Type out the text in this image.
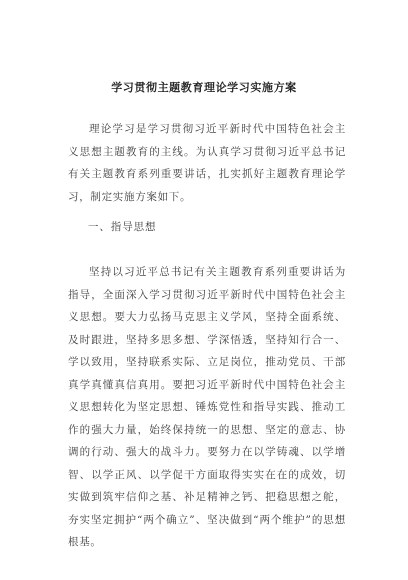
学习贯彻主题教育理论学习实施方案

理论学习是学习贯彻习近平新时代中国特色社会主义思想主题教育的主线。为认真学习贯彻习近平总书记有关主题教育系列重要讲话，扎实抓好主题教育理论学习，制定实施方案如下。

一、指导思想

坚持以习近平总书记有关主题教育系列重要讲话为指导，全面深入学习贯彻习近平新时代中国特色社会主义思想。要大力弘扬马克思主义学风，坚持全面系统、及时跟进，坚持多思多想、学深悟透，坚持知行合一、学以致用，坚持联系实际、立足岗位，推动党员、干部真学真懂真信真用。要把习近平新时代中国特色社会主义思想转化为坚定思想、锤炼党性和指导实践、推动工作的强大力量，始终保持统一的思想、坚定的意志、协调的行动、强大的战斗力。要努力在以学铸魂、以学增智、以学正风、以学促干方面取得实实在在的成效，切实做到筑牢信仰之基、补足精神之钙、把稳思想之舵，夯实坚定拥护“两个确立”、坚决做到“两个维护”的思想根基。
